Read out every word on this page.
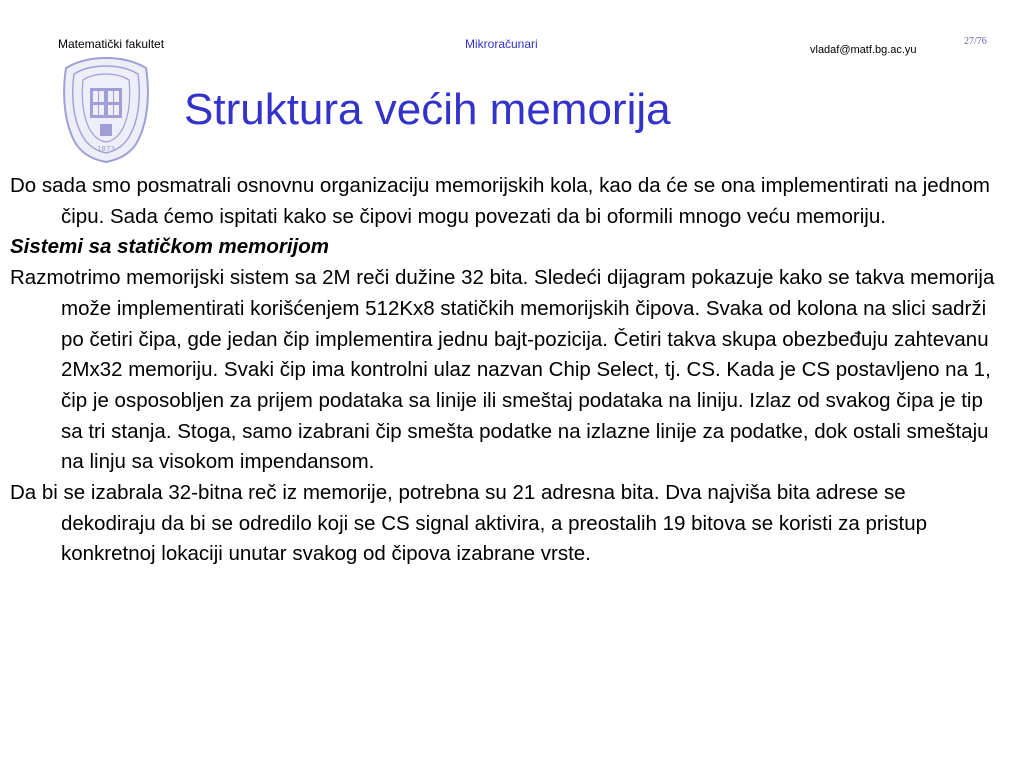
Matematički fakultet	Mikroračunari	vladaf@matf.bg.ac.yu
27/76
1873
Struktura većih memorija

Do sada smo posmatrali osnovnu organizaciju memorijskih kola, kao da će se ona implementirati na jednom čipu. Sada ćemo ispitati kako se čipovi mogu povezati da bi oformili mnogo veću memoriju.

Sistemi sa statičkom memorijom

Razmotrimo memorijski sistem sa 2M reči dužine 32 bita. Sledeći dijagram pokazuje kako se takva memorija može implementirati korišćenjem 512Kx8 statičkih memorijskih čipova. Svaka od kolona na slici sadrži po četiri čipa, gde jedan čip implementira jednu bajt-pozicija. Četiri takva skupa obezbeđuju zahtevanu 2Mx32 memoriju. Svaki čip ima kontrolni ulaz nazvan Chip Select, tj. CS. Kada je CS postavljeno na 1, čip je osposobljen za prijem podataka sa linije ili smeštaj podataka na liniju. Izlaz od svakog čipa je tip sa tri stanja. Stoga, samo izabrani čip smešta podatke na izlazne linije za podatke, dok ostali smeštaju na linju sa visokom impendansom.

Da bi se izabrala 32-bitna reč iz memorije, potrebna su 21 adresna bita. Dva najviša bita adrese se dekodiraju da bi se odredilo koji se CS signal aktivira, a preostalih 19 bitova se koristi za pristup konkretnoj lokaciji unutar svakog od čipova izabrane vrste.
